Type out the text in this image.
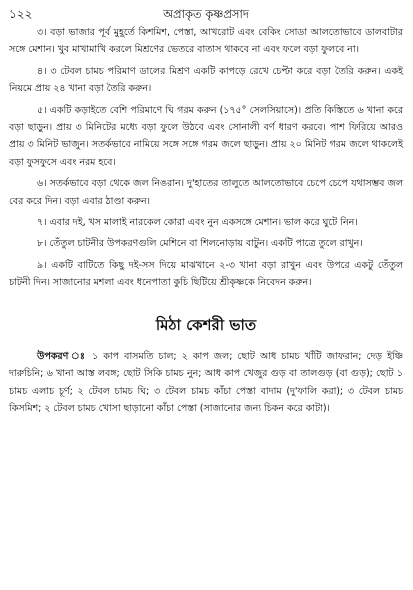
১২২	অপ্রাকৃত কৃষ্ণপ্রসাদ

৩। বড়া ভাজার পূর্ব মুহূর্তে কিশমিশ, পেস্তা, আখরোট এবং বেকিং সোডা আলতোভাবে ডালবাটার সঙ্গে মেশান। খুব মাখামাখি করলে মিশ্রণের ভেতরে বাতাস থাকবে না এবং ফলে বড়া ফুলবে না।

৪। ৩ টেবল চামচ পরিমাণ ডালের মিশ্রণ একটি কাপড়ে রেখে চেপ্টা করে বড়া তৈরি করুন। একই নিয়মে প্রায় ২৪ খানা বড়া তৈরি করুন।

৫। একটি কড়াইতে বেশি পরিমাণে ঘি গরম করুন (১৭৫° সেলসিয়াসে)। প্রতি কিস্তিতে ৬ খানা করে বড়া ছাড়ুন। প্রায় ৩ মিনিটের মধ্যে বড়া ফুলে উঠবে এবং সোনালী বর্ণ ধারণ করবে। পাশ ফিরিয়ে আরও প্রায় ৩ মিনিট ভাজুন। সতর্কভাবে নামিয়ে সঙ্গে সঙ্গে গরম জলে ছাড়ুন। প্রায় ২০ মিনিট গরম জলে থাকলেই বড়া ফুসফুসে এবং নরম হবে।

৬। সতর্কভাবে বড়া থেকে জল নিঙরান। দু'হাতের তালুতে আলতোভাবে চেপে চেপে যথাসম্ভব জল বের করে দিন। বড়া এবার ঠাণ্ডা করুন।

৭। এবার দই, খস মালাই নারকেল কোরা এবং নুন একসঙ্গে মেশান। ভাল করে ঘুটে নিন।

৮। তেঁতুল চাটনীর উপকরণগুলি মেশিনে বা শিলনোড়ায় বাটুন। একটি পাত্রে তুলে রাখুন।

৯। একটি বাটিতে কিছু দই-সস দিয়ে মাঝখানে ২-৩ খানা বড়া রাখুন এবং উপরে একটু তেঁতুল চাটনী দিন। সাজানোর মশলা এবং ধনেপাতা কুচি ছিটিয়ে শ্রীকৃষ্ণকে নিবেদন করুন।

মিঠা কেশরী ভাত

উপকরণ ঃ ১ কাপ বাসমতি চাল; ২ কাপ জল; ছোট আধ চামচ খাঁটি জাফরান; দেড় ইঞ্চি দারুচিনি; ৬ খানা আস্ত লবঙ্গ; ছোট সিকি চামচ নুন; আধ কাপ খেজুর গুড় বা তালগুড় (বা গুড়); ছোট ১ চামচ এলাচ চূর্ণ; ২ টেবল চামচ ঘি; ৩ টেবল চামচ কাঁচা পেস্তা বাদাম (দু'ফালি করা); ৩ টেবল চামচ কিসমিশ; ২ টেবল চামচ খোসা ছাড়ানো কাঁচা পেস্তা (সাজানোর জন্য চিকন করে কাটা)।
